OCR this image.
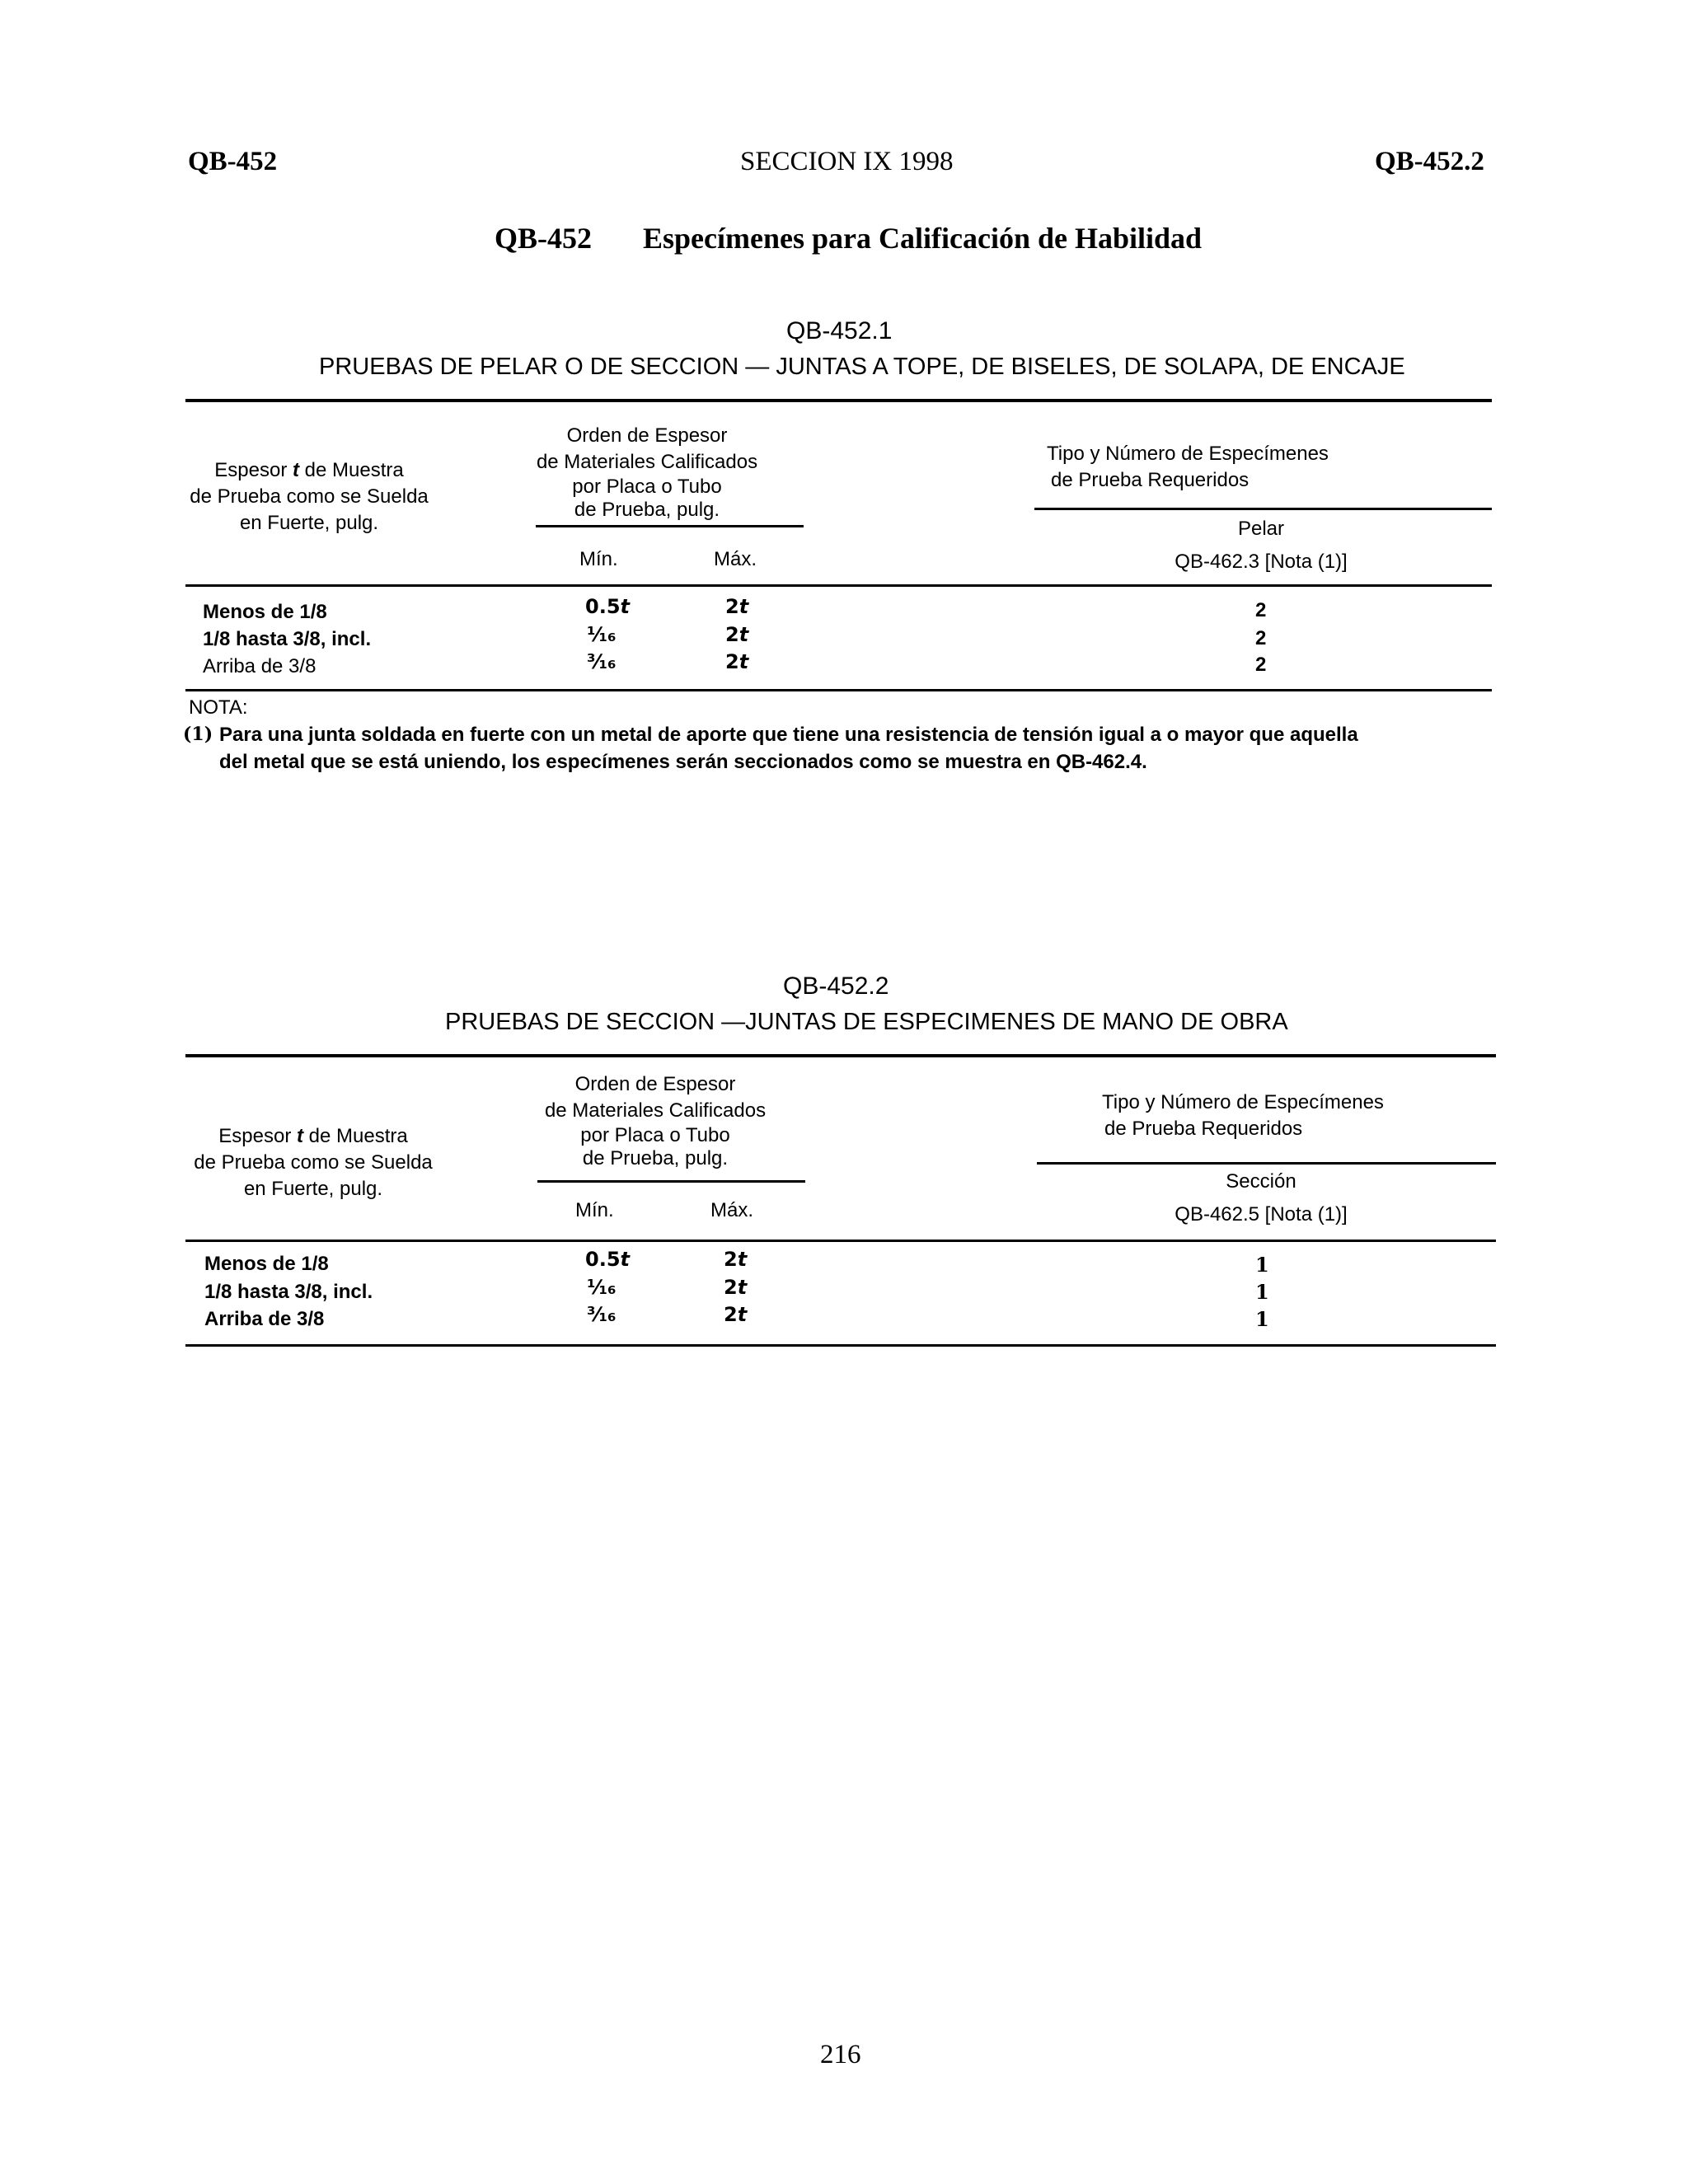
QB-452	SECCION IX 1998	QB-452.2
QB-452 Especímenes para Calificación de Habilidad
QB-452.1
PRUEBAS DE PELAR O DE SECCION — JUNTAS A TOPE, DE BISELES, DE SOLAPA, DE ENCAJE
Espesor t de Muestra
de Prueba como se Suelda
en Fuerte, pulg.
Orden de Espesor
de Materiales Calificados
por Placa o Tubo
de Prueba, pulg.
Mín.	Máx.
Tipo y Número de Especímenes
de Prueba Requeridos
Pelar
QB-462.3 [Nota (1)]
Menos de 1/8	0.5t	2t	2
1/8 hasta 3/8, incl.	¹⁄₁₆	2t	2
Arriba de 3/8	³⁄₁₆	2t	2
NOTA:
(1) Para una junta soldada en fuerte con un metal de aporte que tiene una resistencia de tensión igual a o mayor que aquella
del metal que se está uniendo, los especímenes serán seccionados como se muestra en QB-462.4.
QB-452.2
PRUEBAS DE SECCION —JUNTAS DE ESPECIMENES DE MANO DE OBRA
Espesor t de Muestra
de Prueba como se Suelda
en Fuerte, pulg.
Orden de Espesor
de Materiales Calificados
por Placa o Tubo
de Prueba, pulg.
Mín.	Máx.
Tipo y Número de Especímenes
de Prueba Requeridos
Sección
QB-462.5 [Nota (1)]
Menos de 1/8	0.5t	2t	1
1/8 hasta 3/8, incl.	¹⁄₁₆	2t	1
Arriba de 3/8	³⁄₁₆	2t	1
216
